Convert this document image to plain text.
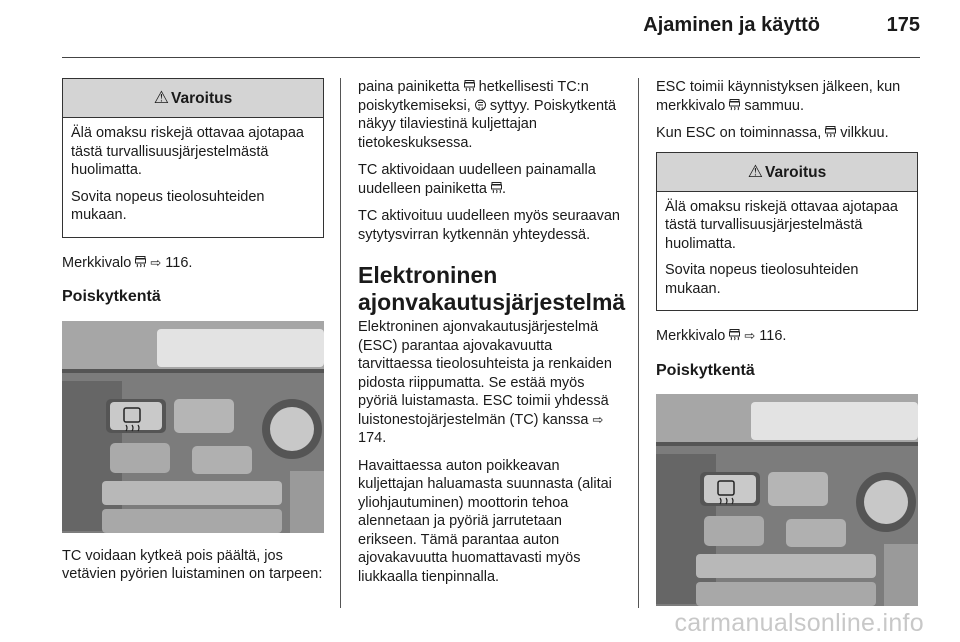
Ajaminen ja käyttö	175
⚠ Varoitus

Älä omaksu riskejä ottavaa ajotapaa tästä turvallisuusjärjestelmästä huolimatta.

Sovita nopeus tieolosuhteiden mukaan.

Merkkivalo ⇨ 116.

Poiskytkentä

TC voidaan kytkeä pois päältä, jos vetävien pyörien luistaminen on tarpeen:

paina painiketta hetkellisesti TC:n poiskytkemiseksi, syttyy. Poiskytkentä näkyy tilaviestinä kuljettajan tietokeskuksessa.

TC aktivoidaan uudelleen painamalla uudelleen painiketta .

TC aktivoituu uudelleen myös seuraavan sytytysvirran kytkennän yhteydessä.

Elektroninen ajonvakautusjärjestelmä

Elektroninen ajonvakautusjärjestelmä (ESC) parantaa ajovakavuutta tarvittaessa tieolosuhteista ja renkaiden pidosta riippumatta. Se estää myös pyöriä luistamasta. ESC toimii yhdessä luistonestojärjestelmän (TC) kanssa ⇨ 174.

Havaittaessa auton poikkeavan kuljettajan haluamasta suunnasta (alitai yliohjautuminen) moottorin tehoa alennetaan ja pyöriä jarrutetaan erikseen. Tämä parantaa auton ajovakavuutta huomattavasti myös liukkaalla tienpinnalla.

ESC toimii käynnistyksen jälkeen, kun merkkivalo sammuu.

Kun ESC on toiminnassa, vilkkuu.

⚠ Varoitus

Älä omaksu riskejä ottavaa ajotapaa tästä turvallisuusjärjestelmästä huolimatta.

Sovita nopeus tieolosuhteiden mukaan.

Merkkivalo ⇨ 116.

Poiskytkentä
carmanualsonline.info
